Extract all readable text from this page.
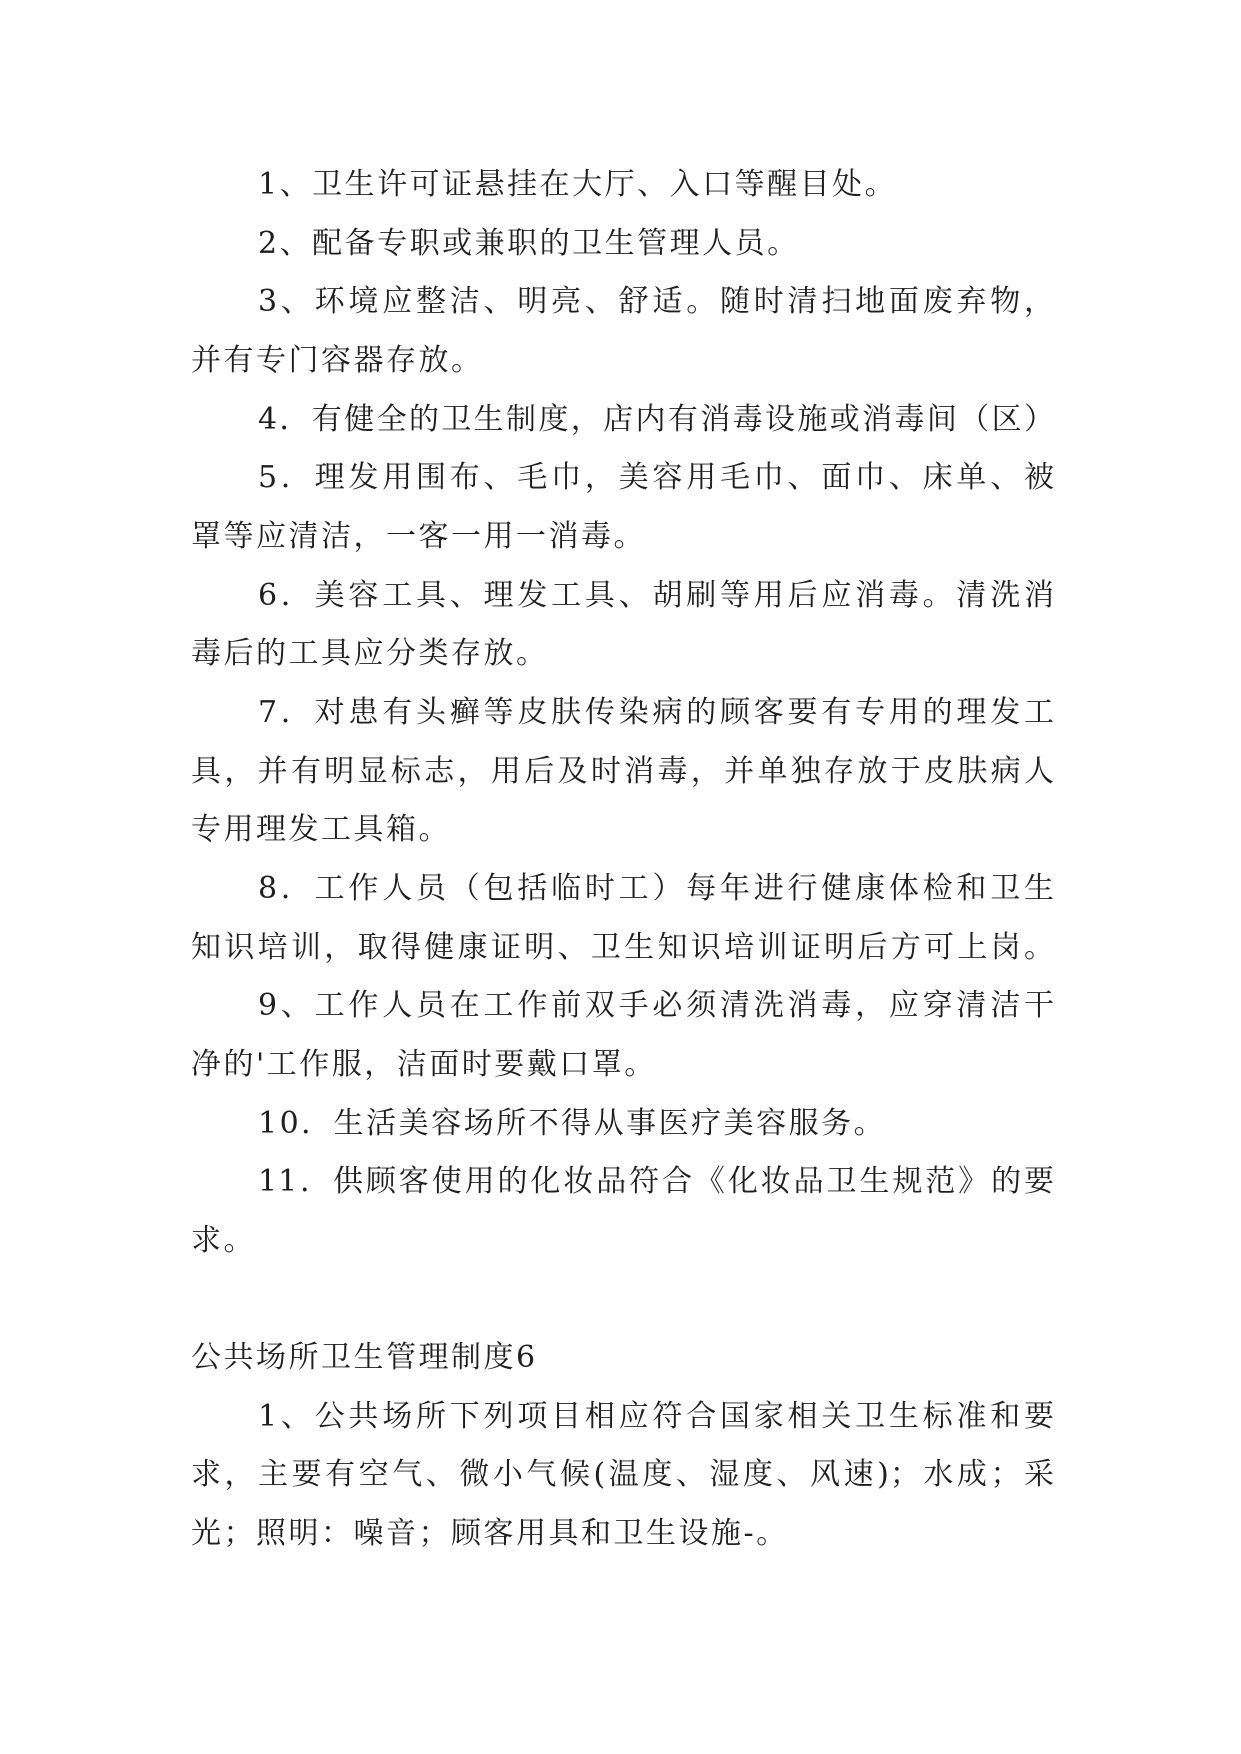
1、卫生许可证悬挂在大厅、入口等醒目处。
2、配备专职或兼职的卫生管理人员。
3、环境应整洁、明亮、舒适。随时清扫地面废弃物，
并有专门容器存放。
4．有健全的卫生制度，店内有消毒设施或消毒间（区）
5．理发用围布、毛巾，美容用毛巾、面巾、床单、被
罩等应清洁，一客一用一消毒。
6．美容工具、理发工具、胡刷等用后应消毒。清洗消
毒后的工具应分类存放。
7．对患有头癣等皮肤传染病的顾客要有专用的理发工
具，并有明显标志，用后及时消毒，并单独存放于皮肤病人
专用理发工具箱。
8．工作人员（包括临时工）每年进行健康体检和卫生
知识培训，取得健康证明、卫生知识培训证明后方可上岗。
9、工作人员在工作前双手必须清洗消毒，应穿清洁干
净的'工作服，洁面时要戴口罩。
10．生活美容场所不得从事医疗美容服务。
11．供顾客使用的化妆品符合《化妆品卫生规范》的要
求。
公共场所卫生管理制度6
1、公共场所下列项目相应符合国家相关卫生标准和要
求，主要有空气、微小气候(温度、湿度、风速)；水成；采
光；照明：噪音；顾客用具和卫生设施-。
